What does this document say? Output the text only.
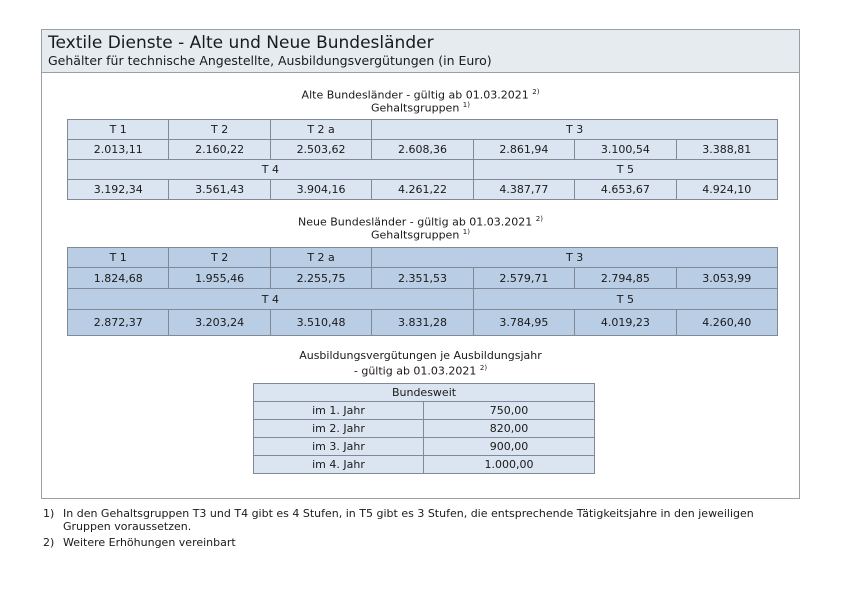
Textile Dienste - Alte und Neue Bundesländer
Gehälter für technische Angestellte, Ausbildungsvergütungen (in Euro)
Alte Bundesländer - gültig ab 01.03.2021 $^{2)}$
Gehaltsgruppen $^{1)}$
T 1	T 2	T 2 a	T 3			
2.013,11	2.160,22	2.503,62	2.608,36	2.861,94	3.100,54	3.388,81
T 4				T 5		
3.192,34	3.561,43	3.904,16	4.261,22	4.387,77	4.653,67	4.924,10
Neue Bundesländer - gültig ab 01.03.2021 $^{2)}$
Gehaltsgruppen $^{1)}$
T 1	T 2	T 2 a	T 3			
1.824,68	1.955,46	2.255,75	2.351,53	2.579,71	2.794,85	3.053,99
T 4				T 5		
2.872,37	3.203,24	3.510,48	3.831,28	3.784,95	4.019,23	4.260,40
Ausbildungsvergütungen je Ausbildungsjahr
- gültig ab 01.03.2021 $^{2)}$
Bundesweit	
im 1. Jahr	750,00
im 2. Jahr	820,00
im 3. Jahr	900,00
im 4. Jahr	1.000,00
1) In den Gehaltsgruppen T3 und T4 gibt es 4 Stufen, in T5 gibt es 3 Stufen, die entsprechende Tätigkeitsjahre in den jeweiligen Gruppen voraussetzen.
2) Weitere Erhöhungen vereinbart
